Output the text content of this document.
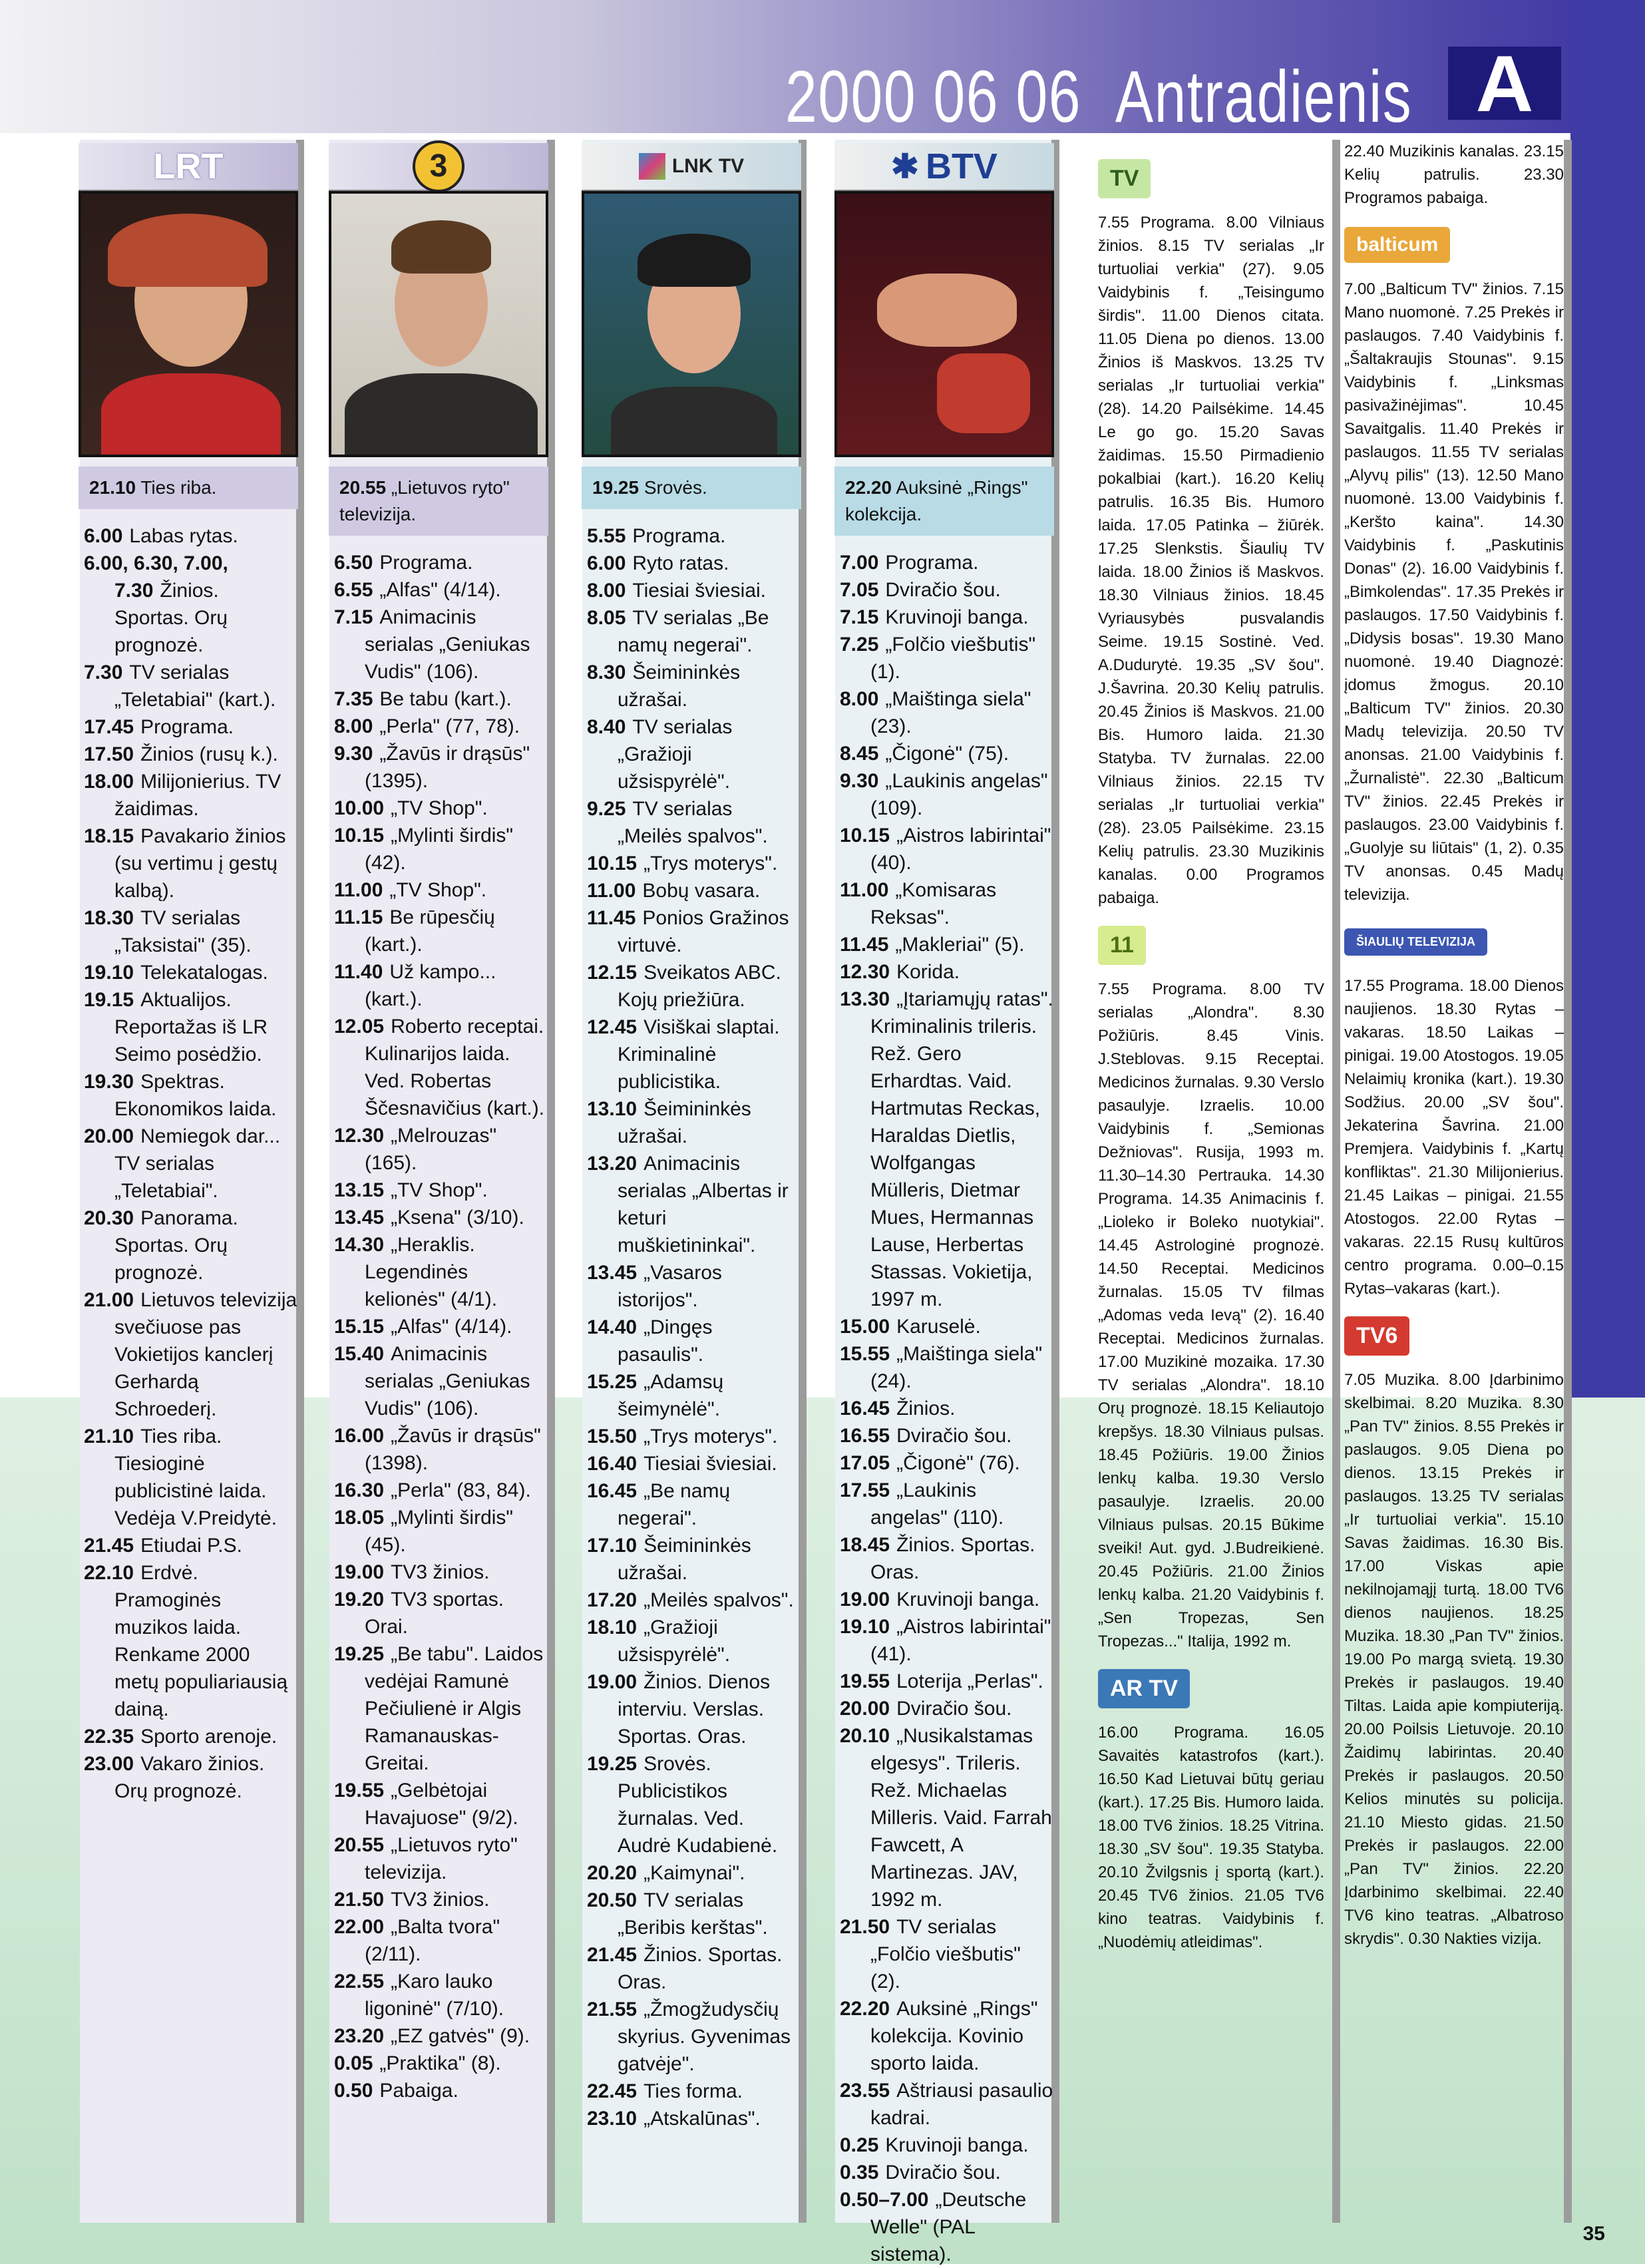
2000 06 06 Antradienis A
LRT
21.10 Ties riba.
6.00 Labas rytas.
6.00, 6.30, 7.00, 7.30 Žinios. Sportas. Orų prognozė.
7.30 TV serialas „Teletabiai" (kart.).
17.45 Programa.
17.50 Žinios (rusų k.).
18.00 Milijonierius. TV žaidimas.
18.15 Pavakario žinios (su vertimu į gestų kalbą).
18.30 TV serialas „Taksistai" (35).
19.10 Telekatalogas.
19.15 Aktualijos. Reportažas iš LR Seimo posėdžio.
19.30 Spektras. Ekonomikos laida.
20.00 Nemiegok dar... TV serialas „Teletabiai".
20.30 Panorama. Sportas. Orų prognozė.
21.00 Lietuvos televizija svečiuose pas Vokietijos kanclerį Gerhardą Schroederį.
21.10 Ties riba. Tiesioginė publicistinė laida. Vedėja V.Preidytė.
21.45 Etiudai P.S.
22.10 Erdvė. Pramoginės muzikos laida. Renkame 2000 metų populiariausią dainą.
22.35 Sporto arenoje.
23.00 Vakaro žinios. Orų prognozė.
3
20.55 „Lietuvos ryto" televizija.
6.50 Programa.
6.55 „Alfas" (4/14).
7.15 Animacinis serialas „Geniukas Vudis" (106).
7.35 Be tabu (kart.).
8.00 „Perla" (77, 78).
9.30 „Žavūs ir drąsūs" (1395).
10.00 „TV Shop".
10.15 „Mylinti širdis" (42).
11.00 „TV Shop".
11.15 Be rūpesčių (kart.).
11.40 Už kampo... (kart.).
12.05 Roberto receptai. Kulinarijos laida. Ved. Robertas Ščesnavičius (kart.).
12.30 „Melrouzas" (165).
13.15 „TV Shop".
13.45 „Ksena" (3/10).
14.30 „Heraklis. Legendinės kelionės" (4/1).
15.15 „Alfas" (4/14).
15.40 Animacinis serialas „Geniukas Vudis" (106).
16.00 „Žavūs ir drąsūs" (1398).
16.30 „Perla" (83, 84).
18.05 „Mylinti širdis" (45).
19.00 TV3 žinios.
19.20 TV3 sportas. Orai.
19.25 „Be tabu". Laidos vedėjai Ramunė Pečiulienė ir Algis Ramanauskas-Greitai.
19.55 „Gelbėtojai Havajuose" (9/2).
20.55 „Lietuvos ryto" televizija.
21.50 TV3 žinios.
22.00 „Balta tvora" (2/11).
22.55 „Karo lauko ligoninė" (7/10).
23.20 „EZ gatvės" (9).
0.05 „Praktika" (8).
0.50 Pabaiga.
LNK TV
19.25 Srovės.
5.55 Programa.
6.00 Ryto ratas.
8.00 Tiesiai šviesiai.
8.05 TV serialas „Be namų negerai".
8.30 Šeimininkės užrašai.
8.40 TV serialas „Gražioji užsispyrėlė".
9.25 TV serialas „Meilės spalvos".
10.15 „Trys moterys".
11.00 Bobų vasara.
11.45 Ponios Gražinos virtuvė.
12.15 Sveikatos ABC. Kojų priežiūra.
12.45 Visiškai slaptai. Kriminalinė publicistika.
13.10 Šeimininkės užrašai.
13.20 Animacinis serialas „Albertas ir keturi muškietininkai".
13.45 „Vasaros istorijos".
14.40 „Dingęs pasaulis".
15.25 „Adamsų šeimynėlė".
15.50 „Trys moterys".
16.40 Tiesiai šviesiai.
16.45 „Be namų negerai".
17.10 Šeimininkės užrašai.
17.20 „Meilės spalvos".
18.10 „Gražioji užsispyrėlė".
19.00 Žinios. Dienos interviu. Verslas. Sportas. Oras.
19.25 Srovės. Publicistikos žurnalas. Ved. Audrė Kudabienė.
20.20 „Kaimynai".
20.50 TV serialas „Beribis kerštas".
21.45 Žinios. Sportas. Oras.
21.55 „Žmogžudysčių skyrius. Gyvenimas gatvėje".
22.45 Ties forma.
23.10 „Atskalūnas".
✱ BTV
22.20 Auksinė „Rings" kolekcija.
7.00 Programa.
7.05 Dviračio šou.
7.15 Kruvinoji banga.
7.25 „Folčio viešbutis" (1).
8.00 „Maištinga siela" (23).
8.45 „Čigonė" (75).
9.30 „Laukinis angelas" (109).
10.15 „Aistros labirintai" (40).
11.00 „Komisaras Reksas".
11.45 „Makleriai" (5).
12.30 Korida.
13.30 „Įtariamųjų ratas". Kriminalinis trileris. Rež. Gero Erhardtas. Vaid. Hartmutas Reckas, Haraldas Dietlis, Wolfgangas Mülleris, Dietmar Mues, Hermannas Lause, Herbertas Stassas. Vokietija, 1997 m.
15.00 Karuselė.
15.55 „Maištinga siela" (24).
16.45 Žinios.
16.55 Dviračio šou.
17.05 „Čigonė" (76).
17.55 „Laukinis angelas" (110).
18.45 Žinios. Sportas. Oras.
19.00 Kruvinoji banga.
19.10 „Aistros labirintai" (41).
19.55 Loterija „Perlas".
20.00 Dviračio šou.
20.10 „Nusikalstamas elgesys". Trileris. Rež. Michaelas Milleris. Vaid. Farrah Fawcett, A Martinezas. JAV, 1992 m.
21.50 TV serialas „Folčio viešbutis" (2).
22.20 Auksinė „Rings" kolekcija. Kovinio sporto laida.
23.55 Aštriausi pasaulio kadrai.
0.25 Kruvinoji banga.
0.35 Dviračio šou.
0.50–7.00 „Deutsche Welle" (PAL sistema).
TV

7.55 Programa. 8.00 Vilniaus žinios. 8.15 TV serialas „Ir turtuoliai verkia" (27). 9.05 Vaidybinis f. „Teisingumo širdis". 11.00 Dienos citata. 11.05 Diena po dienos. 13.00 Žinios iš Maskvos. 13.25 TV serialas „Ir turtuoliai verkia" (28). 14.20 Pailsėkime. 14.45 Le go go. 15.20 Savas žaidimas. 15.50 Pirmadienio pokalbiai (kart.). 16.20 Kelių patrulis. 16.35 Bis. Humoro laida. 17.05 Patinka – žiūrėk. 17.25 Slenkstis. Šiaulių TV laida. 18.00 Žinios iš Maskvos. 18.30 Vilniaus žinios. 18.45 Vyriausybės pusvalandis Seime. 19.15 Sostinė. Ved. A.Dudurytė. 19.35 „SV šou". J.Šavrina. 20.30 Kelių patrulis. 20.45 Žinios iš Maskvos. 21.00 Bis. Humoro laida. 21.30 Statyba. TV žurnalas. 22.00 Vilniaus žinios. 22.15 TV serialas „Ir turtuoliai verkia" (28). 23.05 Pailsėkime. 23.15 Kelių patrulis. 23.30 Muzikinis kanalas. 0.00 Programos pabaiga.

11

7.55 Programa. 8.00 TV serialas „Alondra". 8.30 Požiūris. 8.45 Vinis. J.Steblovas. 9.15 Receptai. Medicinos žurnalas. 9.30 Verslo pasaulyje. Izraelis. 10.00 Vaidybinis f. „Semionas Dežniovas". Rusija, 1993 m. 11.30–14.30 Pertrauka. 14.30 Programa. 14.35 Animacinis f. „Lioleko ir Boleko nuotykiai". 14.45 Astrologinė prognozė. 14.50 Receptai. Medicinos žurnalas. 15.05 TV filmas „Adomas veda Ievą" (2). 16.40 Receptai. Medicinos žurnalas. 17.00 Muzikinė mozaika. 17.30 TV serialas „Alondra". 18.10 Orų prognozė. 18.15 Keliautojo krepšys. 18.30 Vilniaus pulsas. 18.45 Požiūris. 19.00 Žinios lenkų kalba. 19.30 Verslo pasaulyje. Izraelis. 20.00 Vilniaus pulsas. 20.15 Būkime sveiki! Aut. gyd. J.Budreikienė. 20.45 Požiūris. 21.00 Žinios lenkų kalba. 21.20 Vaidybinis f. „Sen Tropezas, Sen Tropezas..." Italija, 1992 m.

AR TV

16.00 Programa. 16.05 Savaitės katastrofos (kart.). 16.50 Kad Lietuvai būtų geriau (kart.). 17.25 Bis. Humoro laida. 18.00 TV6 žinios. 18.25 Vitrina. 18.30 „SV šou". 19.35 Statyba. 20.10 Žvilgsnis į sportą (kart.). 20.45 TV6 žinios. 21.05 TV6 kino teatras. Vaidybinis f. „Nuodėmių atleidimas".

22.40 Muzikinis kanalas. 23.15 Kelių patrulis. 23.30 Programos pabaiga.

balticum

7.00 „Balticum TV" žinios. 7.15 Mano nuomonė. 7.25 Prekės ir paslaugos. 7.40 Vaidybinis f. „Šaltakraujis Stounas". 9.15 Vaidybinis f. „Linksmas pasivažinėjimas". 10.45 Savaitgalis. 11.40 Prekės ir paslaugos. 11.55 TV serialas „Alyvų pilis" (13). 12.50 Mano nuomonė. 13.00 Vaidybinis f. „Keršto kaina". 14.30 Vaidybinis f. „Paskutinis Donas" (2). 16.00 Vaidybinis f. „Bimkolendas". 17.35 Prekės ir paslaugos. 17.50 Vaidybinis f. „Didysis bosas". 19.30 Mano nuomonė. 19.40 Diagnozė: įdomus žmogus. 20.10 „Balticum TV" žinios. 20.30 Madų televizija. 20.50 TV anonsas. 21.00 Vaidybinis f. „Žurnalistė". 22.30 „Balticum TV" žinios. 22.45 Prekės ir paslaugos. 23.00 Vaidybinis f. „Guolyje su liūtais" (1, 2). 0.35 TV anonsas. 0.45 Madų televizija.

ŠIAULIŲ TELEVIZIJA

17.55 Programa. 18.00 Dienos naujienos. 18.30 Rytas – vakaras. 18.50 Laikas – pinigai. 19.00 Atostogos. 19.05 Nelaimių kronika (kart.). 19.30 Sodžius. 20.00 „SV šou". Jekaterina Šavrina. 21.00 Premjera. Vaidybinis f. „Kartų konfliktas". 21.30 Milijonierius. 21.45 Laikas – pinigai. 21.55 Atostogos. 22.00 Rytas – vakaras. 22.15 Rusų kultūros centro programa. 0.00–0.15 Rytas–vakaras (kart.).

TV6

7.05 Muzika. 8.00 Įdarbinimo skelbimai. 8.20 Muzika. 8.30 „Pan TV" žinios. 8.55 Prekės ir paslaugos. 9.05 Diena po dienos. 13.15 Prekės ir paslaugos. 13.25 TV serialas „Ir turtuoliai verkia". 15.10 Savas žaidimas. 16.30 Bis. 17.00 Viskas apie nekilnojamąjį turtą. 18.00 TV6 dienos naujienos. 18.25 Muzika. 18.30 „Pan TV" žinios. 19.00 Po margą svietą. 19.30 Prekės ir paslaugos. 19.40 Tiltas. Laida apie kompiuteriją. 20.00 Poilsis Lietuvoje. 20.10 Žaidimų labirintas. 20.40 Prekės ir paslaugos. 20.50 Kelios minutės su policija. 21.10 Miesto gidas. 21.50 Prekės ir paslaugos. 22.00 „Pan TV" žinios. 22.20 Įdarbinimo skelbimai. 22.40 TV6 kino teatras. „Albatroso skrydis". 0.30 Nakties vizija.

35
